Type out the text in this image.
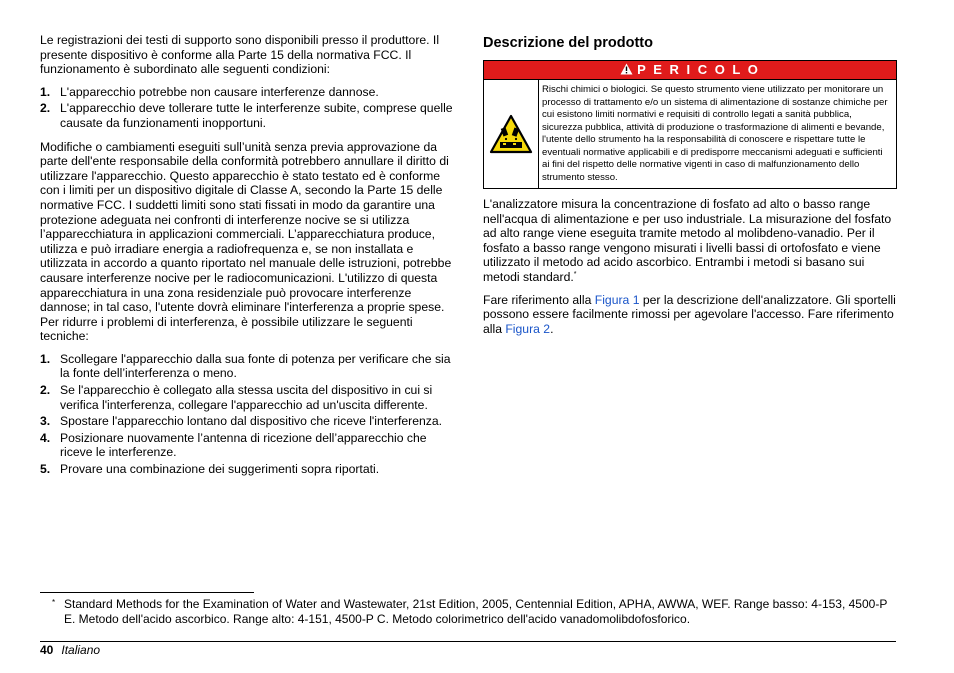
Le registrazioni dei testi di supporto sono disponibili presso il produttore. Il presente dispositivo è conforme alla Parte 15 della normativa FCC. Il funzionamento è subordinato alle seguenti condizioni:

1. L'apparecchio potrebbe non causare interferenze dannose.
2. L'apparecchio deve tollerare tutte le interferenze subite, comprese quelle causate da funzionamenti inopportuni.

Modifiche o cambiamenti eseguiti sull’unità senza previa approvazione da parte dell'ente responsabile della conformità potrebbero annullare il diritto di utilizzare l'apparecchio. Questo apparecchio è stato testato ed è conforme con i limiti per un dispositivo digitale di Classe A, secondo la Parte 15 delle normative FCC. I suddetti limiti sono stati fissati in modo da garantire una protezione adeguata nei confronti di interferenze nocive se si utilizza l’apparecchiatura in applicazioni commerciali. L’apparecchiatura produce, utilizza e può irradiare energia a radiofrequenza e, se non installata e utilizzata in accordo a quanto riportato nel manuale delle istruzioni, potrebbe causare interferenze nocive per le radiocomunicazioni. L'utilizzo di questa apparecchiatura in una zona residenziale può provocare interferenze dannose; in tal caso, l'utente dovrà eliminare l'interferenza a proprie spese. Per ridurre i problemi di interferenza, è possibile utilizzare le seguenti tecniche:

1. Scollegare l'apparecchio dalla sua fonte di potenza per verificare che sia la fonte dell’interferenza o meno.
2. Se l'apparecchio è collegato alla stessa uscita del dispositivo in cui si verifica l'interferenza, collegare l'apparecchio ad un'uscita differente.
3. Spostare l'apparecchio lontano dal dispositivo che riceve l'interferenza.
4. Posizionare nuovamente l’antenna di ricezione dell’apparecchio che riceve le interferenze.
5. Provare una combinazione dei suggerimenti sopra riportati.
Descrizione del prodotto
P E R I C O L O
Rischi chimici o biologici. Se questo strumento viene utilizzato per monitorare un processo di trattamento e/o un sistema di alimentazione di sostanze chimiche per cui esistono limiti normativi e requisiti di controllo legati a sanità pubblica, sicurezza pubblica, attività di produzione o trasformazione di alimenti e bevande, l'utente dello strumento ha la responsabilità di conoscere e rispettare tutte le eventuali normative applicabili e di predisporre meccanismi adeguati e sufficienti ai fini del rispetto delle normative vigenti in caso di malfunzionamento dello strumento stesso.

L'analizzatore misura la concentrazione di fosfato ad alto o basso range nell'acqua di alimentazione e per uso industriale. La misurazione del fosfato ad alto range viene eseguita tramite metodo al molibdeno-vanadio. Per il fosfato a basso range vengono misurati i livelli bassi di ortofosfato e viene utilizzato il metodo ad acido ascorbico. Entrambi i metodi si basano sui metodi standard.*

Fare riferimento alla Figura 1 per la descrizione dell'analizzatore. Gli sportelli possono essere facilmente rimossi per agevolare l'accesso. Fare riferimento alla Figura 2.

* Standard Methods for the Examination of Water and Wastewater, 21st Edition, 2005, Centennial Edition, APHA, AWWA, WEF. Range basso: 4-153, 4500-P E. Metodo dell'acido ascorbico. Range alto: 4-151, 4500-P C. Metodo colorimetrico dell'acido vanadomolibdofosforico.
40 Italiano
